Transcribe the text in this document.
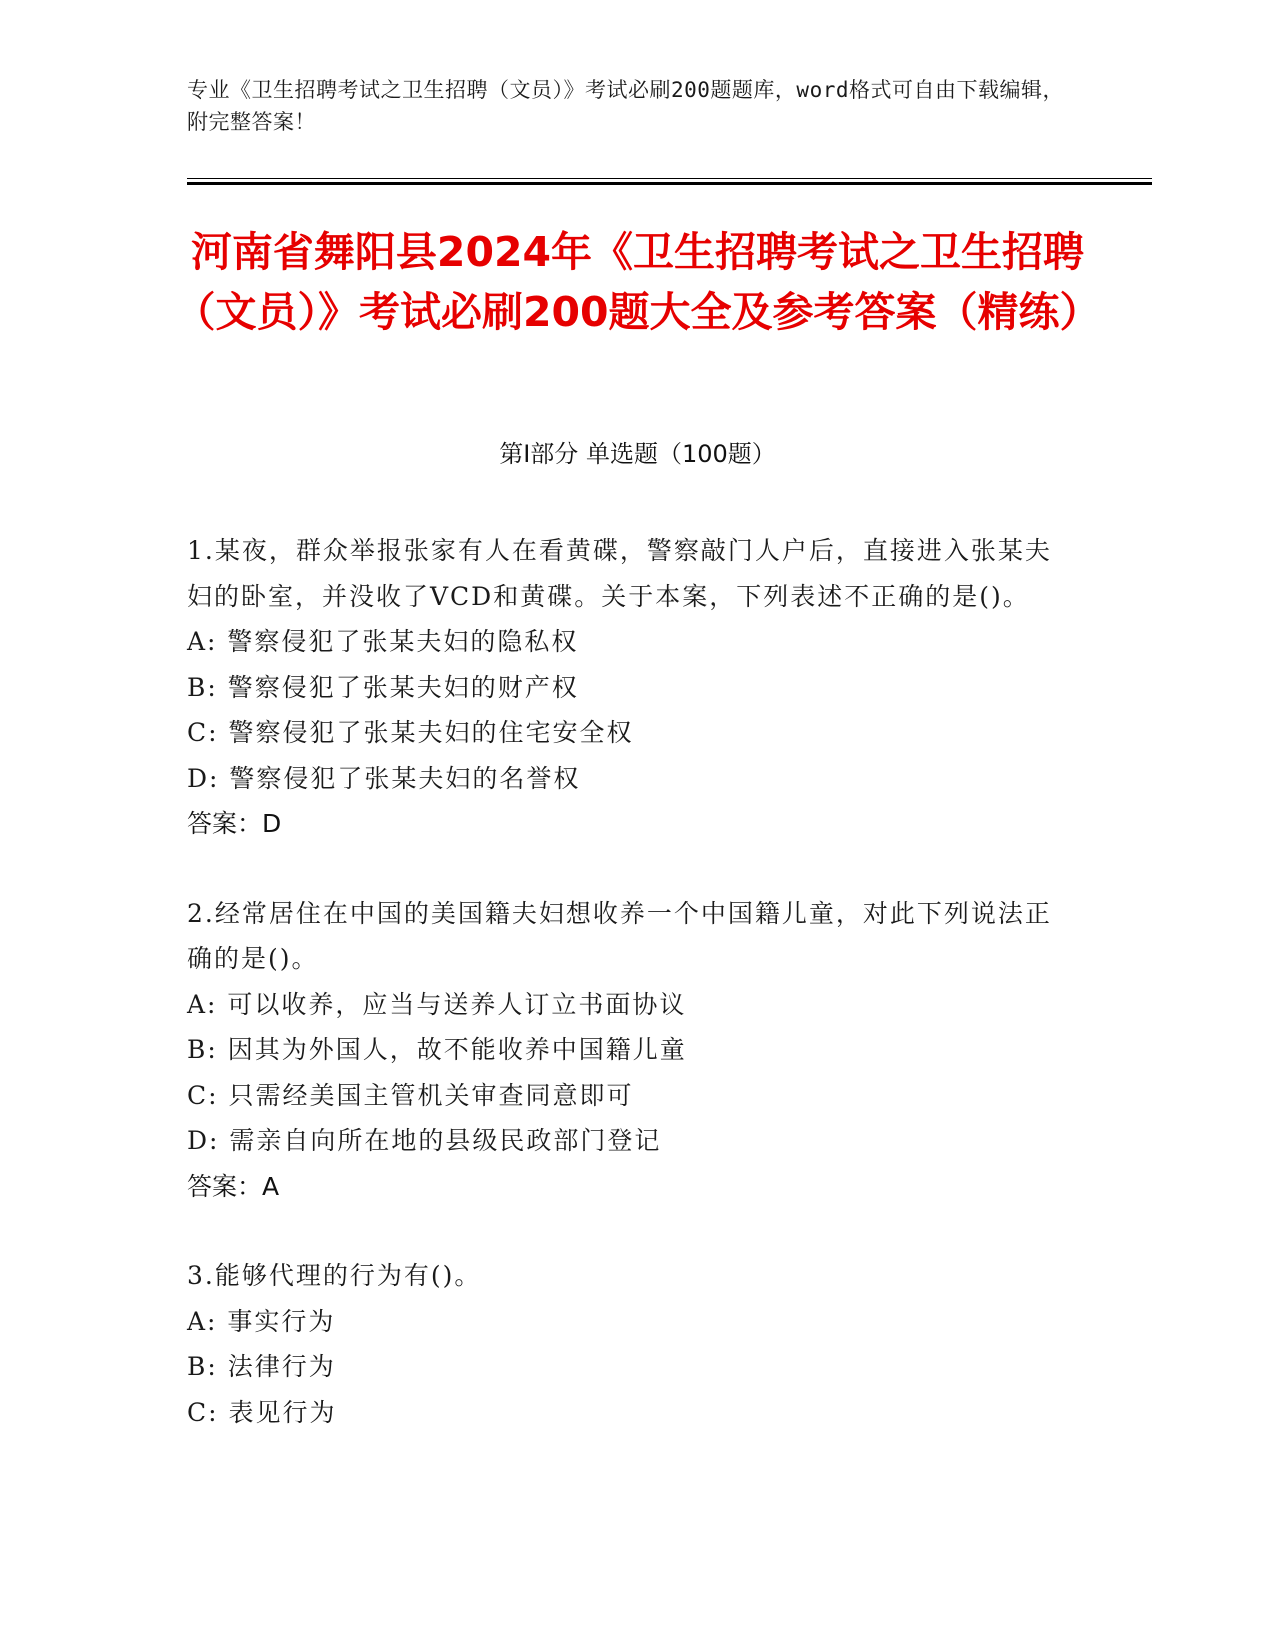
专业《卫生招聘考试之卫生招聘（文员）》考试必刷200题题库，word格式可自由下载编辑，附完整答案！
河南省舞阳县2024年《卫生招聘考试之卫生招聘（文员）》考试必刷200题大全及参考答案（精练）
第Ⅰ部分 单选题（100题）

1.某夜，群众举报张家有人在看黄碟，警察敲门人户后，直接进入张某夫妇的卧室，并没收了VCD和黄碟。关于本案，下列表述不正确的是()。

A: 警察侵犯了张某夫妇的隐私权

B: 警察侵犯了张某夫妇的财产权

C: 警察侵犯了张某夫妇的住宅安全权

D: 警察侵犯了张某夫妇的名誉权

答案：D

2.经常居住在中国的美国籍夫妇想收养一个中国籍儿童，对此下列说法正确的是()。

A: 可以收养，应当与送养人订立书面协议

B: 因其为外国人，故不能收养中国籍儿童

C: 只需经美国主管机关审查同意即可

D: 需亲自向所在地的县级民政部门登记

答案：A

3.能够代理的行为有()。

A: 事实行为

B: 法律行为

C: 表见行为
